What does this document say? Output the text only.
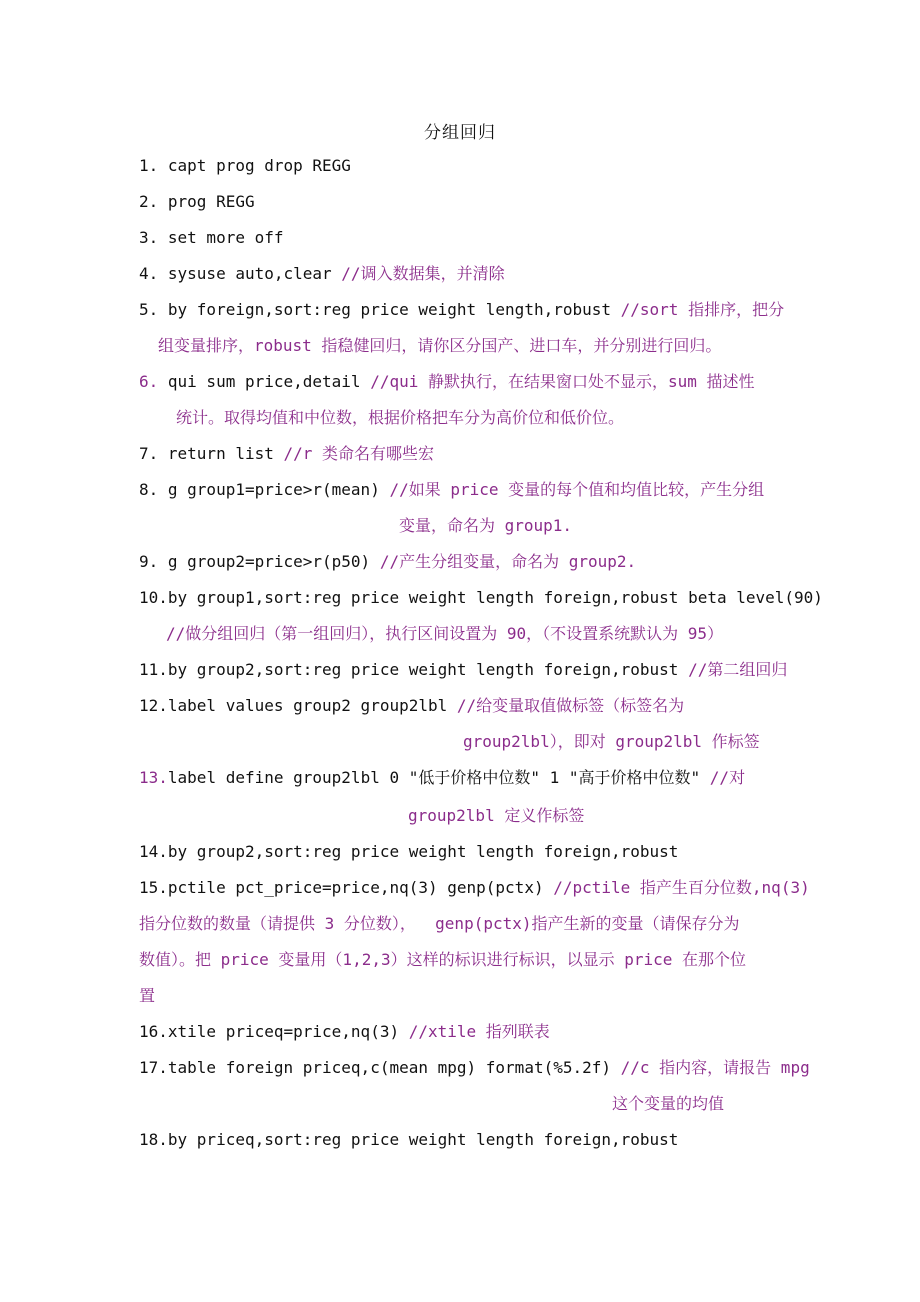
分组回归
1. capt prog drop REGG
2. prog REGG
3. set more off
4. sysuse auto,clear //调入数据集，并清除
5. by foreign,sort:reg price weight length,robust //sort 指排序，把分
组变量排序，robust 指稳健回归，请你区分国产、进口车，并分别进行回归。
6. qui sum price,detail //qui 静默执行，在结果窗口处不显示，sum 描述性
统计。取得均值和中位数，根据价格把车分为高价位和低价位。
7. return list //r 类命名有哪些宏
8. g group1=price>r(mean) //如果 price 变量的每个值和均值比较，产生分组
变量，命名为 group1.
9. g group2=price>r(p50) //产生分组变量，命名为 group2.
10.by group1,sort:reg price weight length foreign,robust beta level(90)
//做分组回归（第一组回归），执行区间设置为 90，（不设置系统默认为 95）
11.by group2,sort:reg price weight length foreign,robust //第二组回归
12.label values group2 group2lbl //给变量取值做标签（标签名为
group2lbl），即对 group2lbl 作标签
13.label define group2lbl 0 "低于价格中位数" 1 "高于价格中位数" //对
group2lbl 定义作标签
14.by group2,sort:reg price weight length foreign,robust
15.pctile pct_price=price,nq(3) genp(pctx) //pctile 指产生百分位数,nq(3)
指分位数的数量（请提供 3 分位数），  genp(pctx)指产生新的变量（请保存分为
数值）。把 price 变量用（1,2,3）这样的标识进行标识，以显示 price 在那个位
置
16.xtile priceq=price,nq(3) //xtile 指列联表
17.table foreign priceq,c(mean mpg) format(%5.2f) //c 指内容，请报告 mpg
这个变量的均值
18.by priceq,sort:reg price weight length foreign,robust
